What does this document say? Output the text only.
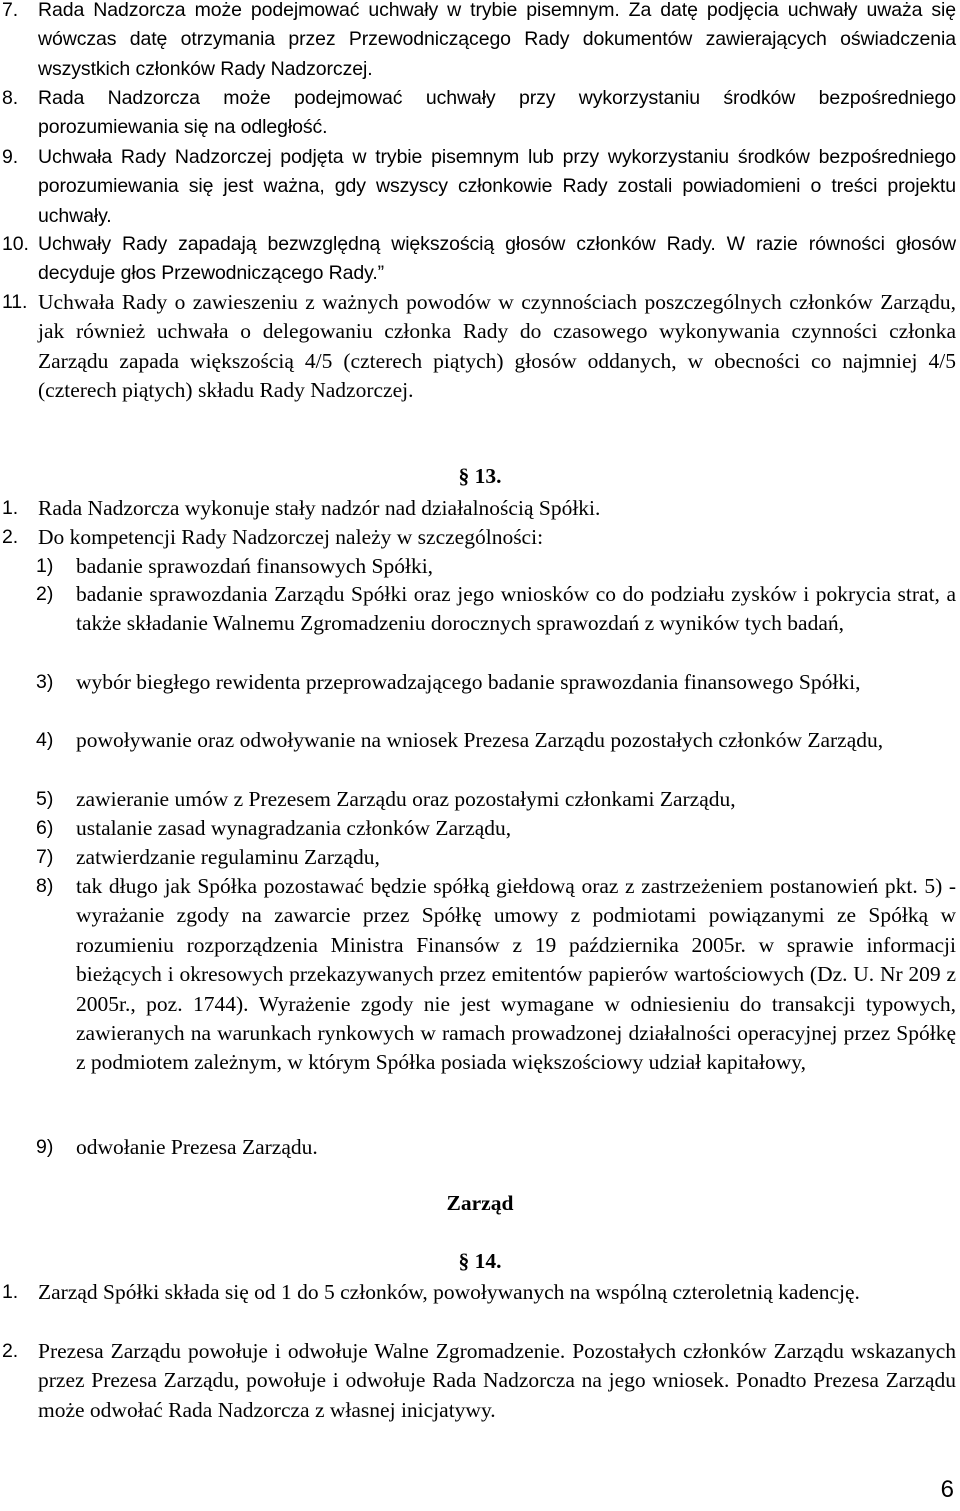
7.	Rada Nadzorcza może podejmować uchwały w trybie pisemnym. Za datę podjęcia uchwały uważa się wówczas datę otrzymania przez Przewodniczącego Rady dokumentów zawierających oświadczenia wszystkich członków Rady Nadzorczej.
8.	Rada Nadzorcza może podejmować uchwały przy wykorzystaniu środków bezpośredniego porozumiewania się na odległość.
9.	Uchwała Rady Nadzorczej podjęta w trybie pisemnym lub przy wykorzystaniu środków bezpośredniego porozumiewania się jest ważna, gdy wszyscy członkowie Rady zostali powiadomieni o treści projektu uchwały.
10. Uchwały Rady zapadają bezwzględną większością głosów członków Rady. W razie równości głosów decyduje głos Przewodniczącego Rady.”
11. Uchwała Rady o zawieszeniu z ważnych powodów w czynnościach poszczególnych członków Zarządu, jak również uchwała o delegowaniu członka Rady do czasowego wykonywania czynności członka Zarządu zapada większością 4/5 (czterech piątych) głosów oddanych, w obecności co najmniej 4/5 (czterech piątych) składu Rady Nadzorczej.
§ 13.
1. Rada Nadzorcza wykonuje stały nadzór nad działalnością Spółki.
2. Do kompetencji Rady Nadzorczej należy w szczególności:
1) badanie sprawozdań finansowych Spółki,
2) badanie sprawozdania Zarządu Spółki oraz jego wniosków co do podziału zysków i pokrycia strat, a także składanie Walnemu Zgromadzeniu dorocznych sprawozdań z wyników tych badań,
3) wybór biegłego rewidenta przeprowadzającego badanie sprawozdania finansowego Spółki,
4) powoływanie oraz odwoływanie na wniosek Prezesa Zarządu pozostałych członków Zarządu,
5) zawieranie umów z Prezesem Zarządu oraz pozostałymi członkami Zarządu,
6) ustalanie zasad wynagradzania członków Zarządu,
7) zatwierdzanie regulaminu Zarządu,
8) tak długo jak Spółka pozostawać będzie spółką giełdową oraz z zastrzeżeniem postanowień pkt. 5) - wyrażanie zgody na zawarcie przez Spółkę umowy z podmiotami powiązanymi ze Spółką w rozumieniu rozporządzenia Ministra Finansów z 19 października 2005r. w sprawie informacji bieżących i okresowych przekazywanych przez emitentów papierów wartościowych (Dz. U. Nr 209 z 2005r., poz. 1744). Wyrażenie zgody nie jest wymagane w odniesieniu do transakcji typowych, zawieranych na warunkach rynkowych w ramach prowadzonej działalności operacyjnej przez Spółkę z podmiotem zależnym, w którym Spółka posiada większościowy udział kapitałowy,
9) odwołanie Prezesa Zarządu.
Zarząd
§ 14.
1. Zarząd Spółki składa się od 1 do 5 członków, powoływanych na wspólną czteroletnią kadencję.
2. Prezesa Zarządu powołuje i odwołuje Walne Zgromadzenie. Pozostałych członków Zarządu wskazanych przez Prezesa Zarządu, powołuje i odwołuje Rada Nadzorcza na jego wniosek. Ponadto Prezesa Zarządu może odwołać Rada Nadzorcza z własnej inicjatywy.
6
